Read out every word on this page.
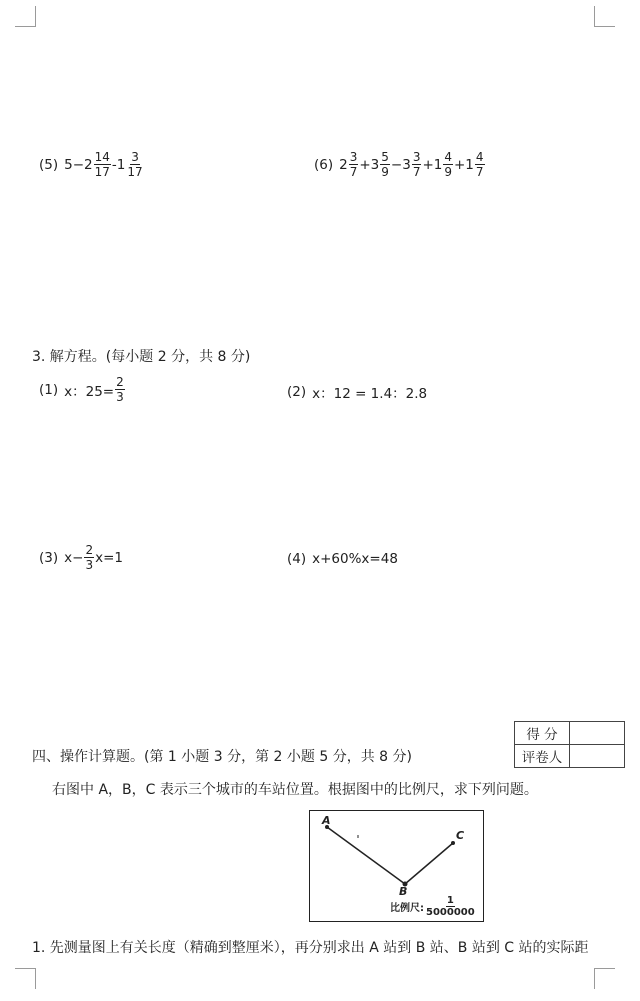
(5) $5- 2 \frac{14}{17} -1 \frac{3}{17}$	(6) $2 \frac{3}{7} +3 \frac{5}{9} -3 \frac{3}{7} +1 \frac{4}{9} +1 \frac{4}{7}$
3. 解方程。(每小题 2 分，共 8 分)
(1) x：$25= \frac{2}{3}$	(2) x：12 = 1.4：2.8
(3) $x- \frac{2}{3} x=1$	(4) x+60%x=48
得 分	
评卷人	
四、操作计算题。(第 1 小题 3 分，第 2 小题 5 分，共 8 分)
右图中 A，B，C 表示三个城市的车站位置。根据图中的比例尺，求下列问题。
A
B
C
比例尺: $\frac{1}{5000000}$
1. 先测量图上有关长度（精确到整厘米），再分别求出 A 站到 B 站、B 站到 C 站的实际距
